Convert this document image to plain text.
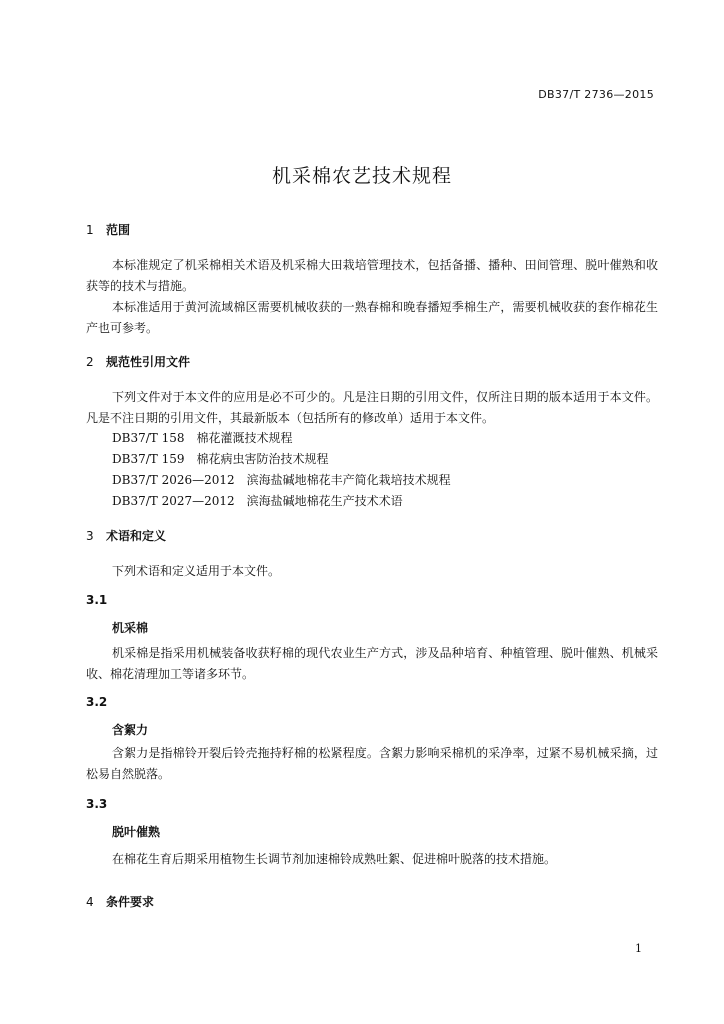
DB37/T 2736—2015
机采棉农艺技术规程
1 范围
本标准规定了机采棉相关术语及机采棉大田栽培管理技术，包括备播、播种、田间管理、脱叶催熟和收获等的技术与措施。
本标准适用于黄河流域棉区需要机械收获的一熟春棉和晚春播短季棉生产，需要机械收获的套作棉花生产也可参考。
2 规范性引用文件
下列文件对于本文件的应用是必不可少的。凡是注日期的引用文件，仅所注日期的版本适用于本文件。凡是不注日期的引用文件，其最新版本（包括所有的修改单）适用于本文件。
DB37/T 158　棉花灌溉技术规程
DB37/T 159　棉花病虫害防治技术规程
DB37/T 2026—2012　滨海盐碱地棉花丰产简化栽培技术规程
DB37/T 2027—2012　滨海盐碱地棉花生产技术术语
3 术语和定义
下列术语和定义适用于本文件。
3.1
机采棉
机采棉是指采用机械装备收获籽棉的现代农业生产方式，涉及品种培育、种植管理、脱叶催熟、机械采收、棉花清理加工等诸多环节。
3.2
含絮力
含絮力是指棉铃开裂后铃壳拖持籽棉的松紧程度。含絮力影响采棉机的采净率，过紧不易机械采摘，过松易自然脱落。
3.3
脱叶催熟
在棉花生育后期采用植物生长调节剂加速棉铃成熟吐絮、促进棉叶脱落的技术措施。
4 条件要求
1
